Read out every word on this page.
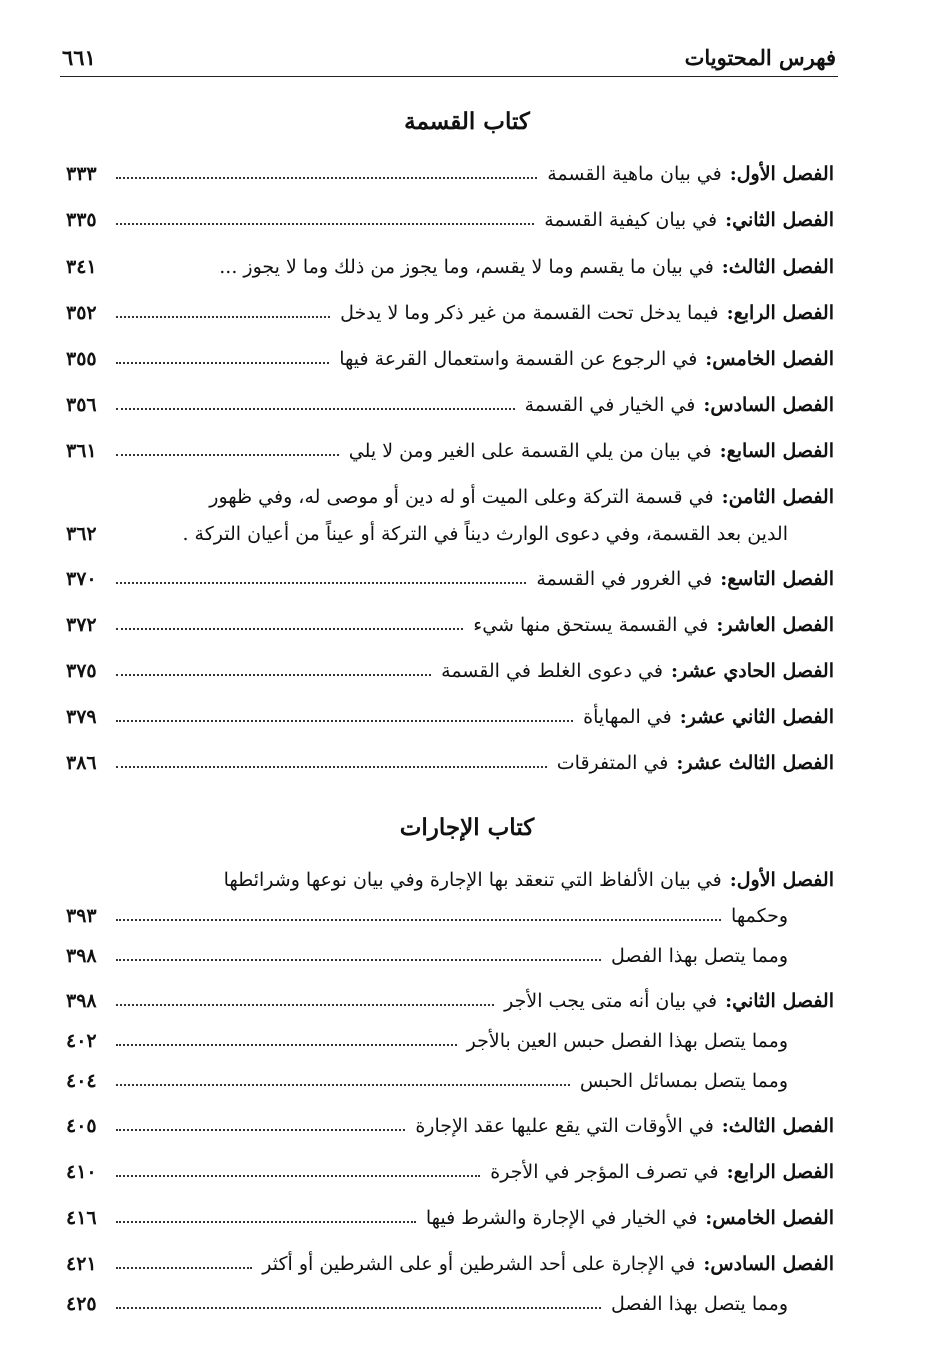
فهرس المحتويات
٦٦١
كتاب القسمة
الفصل الأول:
في بيان ماهية القسمة
٣٣٣
الفصل الثاني:
في بيان كيفية القسمة
٣٣٥
الفصل الثالث:
في بيان ما يقسم وما لا يقسم، وما يجوز من ذلك وما لا يجوز ...
٣٤١
الفصل الرابع:
فيما يدخل تحت القسمة من غير ذكر وما لا يدخل
٣٥٢
الفصل الخامس:
في الرجوع عن القسمة واستعمال القرعة فيها
٣٥٥
الفصل السادس:
في الخيار في القسمة
٣٥٦
الفصل السابع:
في بيان من يلي القسمة على الغير ومن لا يلي
٣٦١
الفصل الثامن:
في قسمة التركة وعلى الميت أو له دين أو موصى له، وفي ظهور
الدين بعد القسمة، وفي دعوى الوارث ديناً في التركة أو عيناً من أعيان التركة .
٣٦٢
الفصل التاسع:
في الغرور في القسمة
٣٧٠
الفصل العاشر:
في القسمة يستحق منها شيء
٣٧٢
الفصل الحادي عشر:
في دعوى الغلط في القسمة
٣٧٥
الفصل الثاني عشر:
في المهايأة
٣٧٩
الفصل الثالث عشر:
في المتفرقات
٣٨٦
كتاب الإجارات
الفصل الأول:
في بيان الألفاظ التي تنعقد بها الإجارة وفي بيان نوعها وشرائطها
وحكمها
٣٩٣
ومما يتصل بهذا الفصل
٣٩٨
الفصل الثاني:
في بيان أنه متى يجب الأجر
٣٩٨
ومما يتصل بهذا الفصل حبس العين بالأجر
٤٠٢
ومما يتصل بمسائل الحبس
٤٠٤
الفصل الثالث:
في الأوقات التي يقع عليها عقد الإجارة
٤٠٥
الفصل الرابع:
في تصرف المؤجر في الأجرة
٤١٠
الفصل الخامس:
في الخيار في الإجارة والشرط فيها
٤١٦
الفصل السادس:
في الإجارة على أحد الشرطين أو على الشرطين أو أكثر
٤٢١
ومما يتصل بهذا الفصل
٤٢٥
